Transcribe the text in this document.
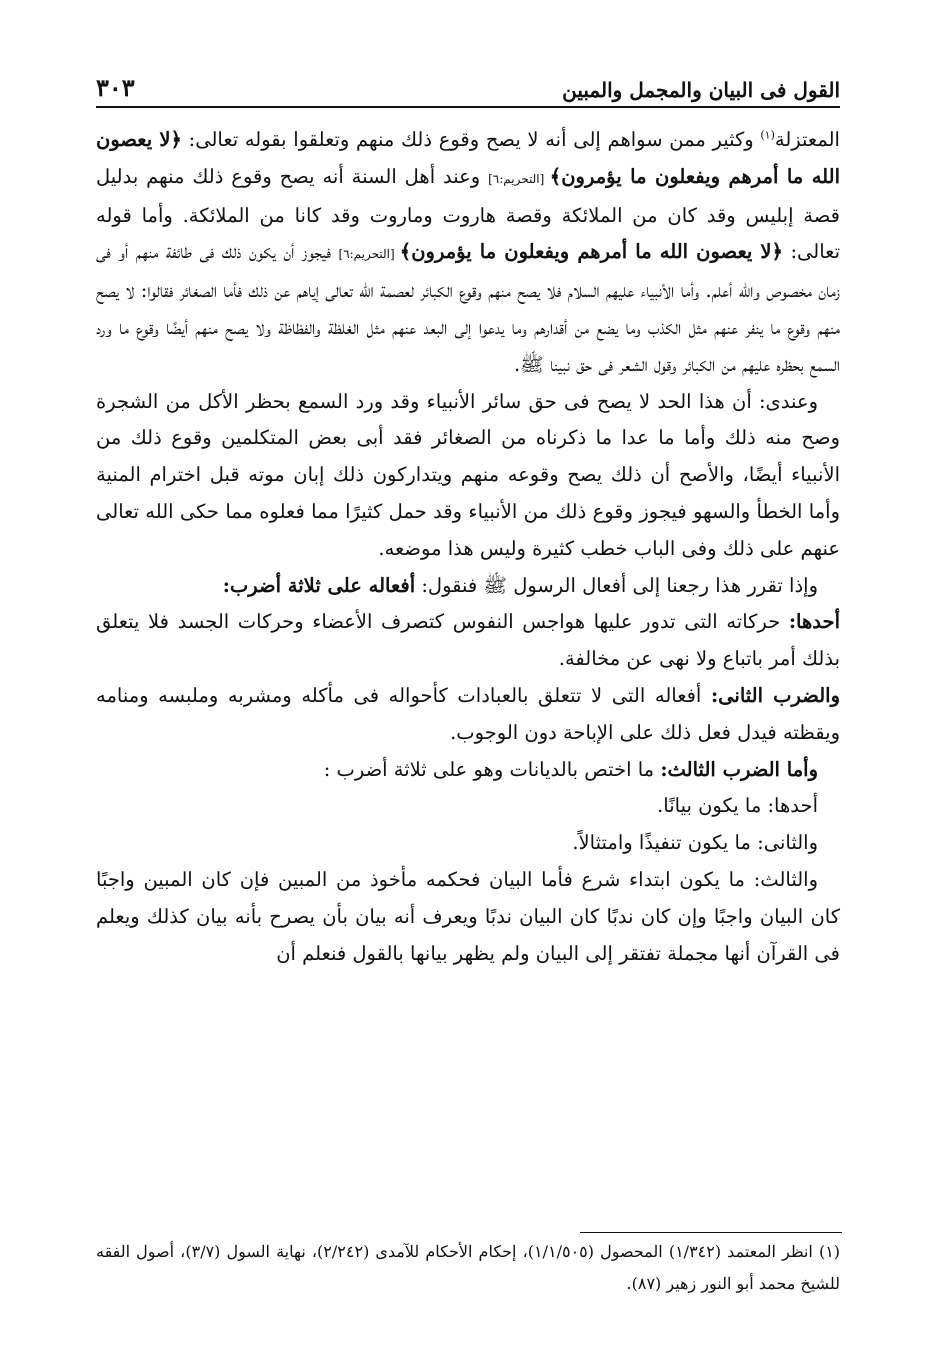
القول فى البيان والمجمل والمبين
٣٠٣

المعتزلة$^{(١)}$ وكثير ممن سواهم إلى أنه لا يصح وقوع ذلك منهم وتعلقوا بقوله تعالى: ﴿لا يعصون الله ما أمرهم ويفعلون ما يؤمرون﴾ [التحريم:٦] وعند أهل السنة أنه يصح وقوع ذلك منهم بدليل قصة إبليس وقد كان من الملائكة وقصة هاروت وماروت وقد كانا من الملائكة. وأما قوله تعالى: ﴿لا يعصون الله ما أمرهم ويفعلون ما يؤمرون﴾ [التحريم:٦] فيجوز أن يكون ذلك فى طائفة منهم أو فى زمان مخصوص والله أعلم. وأما الأنبياء عليهم السلام فلا يصح منهم وقوع الكبائر لعصمة الله تعالى إياهم عن ذلك فأما الصغائر فقالوا: لا يصح منهم وقوع ما ينفر عنهم مثل الكذب وما يضع من أقدارهم وما يدعوا إلى البعد عنهم مثل الغلظة والفظاظة ولا يصح منهم أيضًا وقوع ما ورد السمع بحظره عليهم من الكبائر وقول الشعر فى حق نبينا ﷺ.

وعندى: أن هذا الحد لا يصح فى حق سائر الأنبياء وقد ورد السمع بحظر الأكل من الشجرة وصح منه ذلك وأما ما عدا ما ذكرناه من الصغائر فقد أبى بعض المتكلمين وقوع ذلك من الأنبياء أيضًا، والأصح أن ذلك يصح وقوعه منهم ويتداركون ذلك إبان موته قبل اخترام المنية وأما الخطأ والسهو فيجوز وقوع ذلك من الأنبياء وقد حمل كثيرًا مما فعلوه مما حكى الله تعالى عنهم على ذلك وفى الباب خطب كثيرة وليس هذا موضعه.

وإذا تقرر هذا رجعنا إلى أفعال الرسول ﷺ فنقول: أفعاله على ثلاثة أضرب:

أحدها: حركاته التى تدور عليها هواجس النفوس كتصرف الأعضاء وحركات الجسد فلا يتعلق بذلك أمر باتباع ولا نهى عن مخالفة.

والضرب الثانى: أفعاله التى لا تتعلق بالعبادات كأحواله فى مأكله ومشربه وملبسه ومنامه ويقظته فيدل فعل ذلك على الإباحة دون الوجوب.

وأما الضرب الثالث: ما اختص بالديانات وهو على ثلاثة أضرب :

أحدها: ما يكون بيانًا.

والثانى: ما يكون تنفيذًا وامتثالاً.

والثالث: ما يكون ابتداء شرع فأما البيان فحكمه مأخوذ من المبين فإن كان المبين واجبًا كان البيان واجبًا وإن كان ندبًا كان البيان ندبًا ويعرف أنه بيان بأن يصرح بأنه بيان كذلك ويعلم فى القرآن أنها مجملة تفتقر إلى البيان ولم يظهر بيانها بالقول فنعلم أن

(١) انظر المعتمد (١/٣٤٢) المحصول (١/١/٥٠٥)، إحكام الأحكام للآمدى (٢/٢٤٢)، نهاية السول (٣/٧)، أصول الفقه للشيخ محمد أبو النور زهير (٨٧).
